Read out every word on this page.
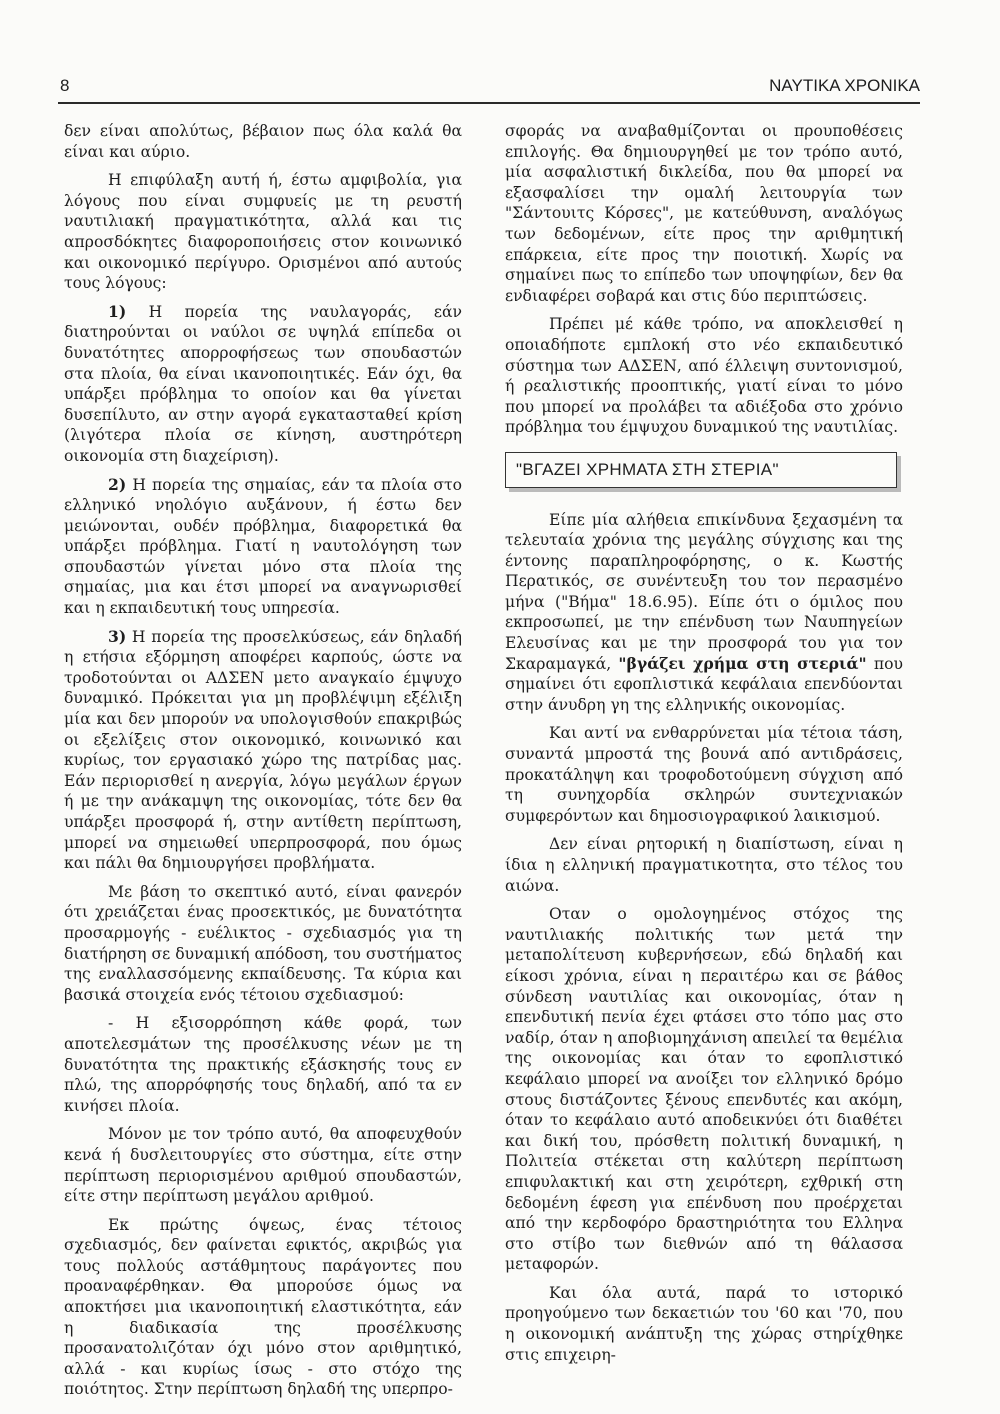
8	ΝΑΥΤΙΚΑ ΧΡΟΝΙΚΑ

δεν είναι απολύτως, βέβαιον πως όλα καλά θα είναι και αύριο.

Η επιφύλαξη αυτή ή, έστω αμφιβολία, για λόγους που είναι συμφυείς με τη ρευστή ναυτιλιακή πραγματικότητα, αλλά και τις απροσδόκητες διαφοροποιήσεις στον κοινωνικό και οικονομικό περίγυρο. Ορισμένοι από αυτούς τους λόγους:

1) Η πορεία της ναυλαγοράς, εάν διατηρούνται οι ναύλοι σε υψηλά επίπεδα οι δυνατότητες απορροφήσεως των σπουδαστών στα πλοία, θα είναι ικανοποιητικές. Εάν όχι, θα υπάρξει πρόβλημα το οποίον και θα γίνεται δυσεπίλυτο, αν στην αγορά εγκατασταθεί κρίση (λιγότερα πλοία σε κίνηση, αυστηρότερη οικονομία στη διαχείριση).

2) Η πορεία της σημαίας, εάν τα πλοία στο ελληνικό νηολόγιο αυξάνουν, ή έστω δεν μειώνονται, ουδέν πρόβλημα, διαφορετικά θα υπάρξει πρόβλημα. Γιατί η ναυτολόγηση των σπουδαστών γίνεται μόνο στα πλοία της σημαίας, μια και έτσι μπορεί να αναγνωρισθεί και η εκπαιδευτική τους υπηρεσία.

3) Η πορεία της προσελκύσεως, εάν δηλαδή η ετήσια εξόρμηση αποφέρει καρπούς, ώστε να τροδοτούνται οι ΑΔΣΕΝ μετο αναγκαίο έμψυχο δυναμικό. Πρόκειται για μη προβλέψιμη εξέλιξη μία και δεν μπορούν να υπολογισθούν επακριβώς οι εξελίξεις στον οικονομικό, κοινωνικό και κυρίως, τον εργασιακό χώρο της πατρίδας μας. Εάν περιορισθεί η ανεργία, λόγω μεγάλων έργων ή με την ανάκαμψη της οικονομίας, τότε δεν θα υπάρξει προσφορά ή, στην αντίθετη περίπτωση, μπορεί να σημειωθεί υπερπροσφορά, που όμως και πάλι θα δημιουργήσει προβλήματα.

Με βάση το σκεπτικό αυτό, είναι φανερόν ότι χρειάζεται ένας προσεκτικός, με δυνατότητα προσαρμογής - ευέλικτος - σχεδιασμός για τη διατήρηση σε δυναμική απόδοση, του συστήματος της εναλλασσόμενης εκπαίδευσης. Τα κύρια και βασικά στοιχεία ενός τέτοιου σχεδιασμού:

- Η εξισορρόπηση κάθε φορά, των αποτελεσμάτων της προσέλκυσης νέων με τη δυνατότητα της πρακτικής εξάσκησής τους εν πλώ, της απορρόφησής τους δηλαδή, από τα εν κινήσει πλοία.

Μόνον με τον τρόπο αυτό, θα αποφευχθούν κενά ή δυσλειτουργίες στο σύστημα, είτε στην περίπτωση περιορισμένου αριθμού σπουδαστών, είτε στην περίπτωση μεγάλου αριθμού.

Εκ πρώτης όψεως, ένας τέτοιος σχεδιασμός, δεν φαίνεται εφικτός, ακριβώς για τους πολλούς αστάθμητους παράγοντες που προαναφέρθηκαν. Θα μπορούσε όμως να αποκτήσει μια ικανοποιητική ελαστικότητα, εάν η διαδικασία της προσέλκυσης προσανατολιζόταν όχι μόνο στον αριθμητικό, αλλά - και κυρίως ίσως - στο στόχο της ποιότητος. Στην περίπτωση δηλαδή της υπερπρο-

σφοράς να αναβαθμίζονται οι προυποθέσεις επιλογής. Θα δημιουργηθεί με τον τρόπο αυτό, μία ασφαλιστική δικλείδα, που θα μπορεί να εξασφαλίσει την ομαλή λειτουργία των "Σάντουιτς Κόρσες", με κατεύθυνση, αναλόγως των δεδομένων, είτε προς την αριθμητική επάρκεια, είτε προς την ποιοτική. Χωρίς να σημαίνει πως το επίπεδο των υποψηφίων, δεν θα ενδιαφέρει σοβαρά και στις δύο περιπτώσεις.

Πρέπει μέ κάθε τρόπο, να αποκλεισθεί η οποιαδήποτε εμπλοκή στο νέο εκπαιδευτικό σύστημα των ΑΔΣΕΝ, από έλλειψη συντονισμού, ή ρεαλιστικής προοπτικής, γιατί είναι το μόνο που μπορεί να προλάβει τα αδιέξοδα στο χρόνιο πρόβλημα του έμψυχου δυναμικού της ναυτιλίας.

"ΒΓΑΖΕΙ ΧΡΗΜΑΤΑ ΣΤΗ ΣΤΕΡΙΑ"

Είπε μία αλήθεια επικίνδυνα ξεχασμένη τα τελευταία χρόνια της μεγάλης σύγχισης και της έντονης παραπληροφόρησης, ο κ. Κωστής Περατικός, σε συνέντευξη του τον περασμένο μήνα ("Βήμα" 18.6.95). Είπε ότι ο όμιλος που εκπροσωπεί, με την επένδυση των Ναυπηγείων Ελευσίνας και με την προσφορά του για τον Σκαραμαγκά, "βγάζει χρήμα στη στεριά" που σημαίνει ότι εφοπλιστικά κεφάλαια επενδύονται στην άνυδρη γη της ελληνικής οικονομίας.

Και αντί να ενθαρρύνεται μία τέτοια τάση, συναντά μπροστά της βουνά από αντιδράσεις, προκατάληψη και τροφοδοτούμενη σύγχιση από τη συνηχορδία σκληρών συντεχνιακών συμφερόντων και δημοσιογραφικού λαικισμού.

Δεν είναι ρητορική η διαπίστωση, είναι η ίδια η ελληνική πραγματικοτητα, στο τέλος του αιώνα.

Οταν ο ομολογημένος στόχος της ναυτιλιακής πολιτικής των μετά την μεταπολίτευση κυβερνήσεων, εδώ δηλαδή και είκοσι χρόνια, είναι η περαιτέρω και σε βάθος σύνδεση ναυτιλίας και οικονομίας, όταν η επενδυτική πενία έχει φτάσει στο τόπο μας στο ναδίρ, όταν η αποβιομηχάνιση απειλεί τα θεμέλια της οικονομίας και όταν το εφοπλιστικό κεφάλαιο μπορεί να ανοίξει τον ελληνικό δρόμο στους διστάζοντες ξένους επενδυτές και ακόμη, όταν το κεφάλαιο αυτό αποδεικνύει ότι διαθέτει και δική του, πρόσθετη πολιτική δυναμική, η Πολιτεία στέκεται στη καλύτερη περίπτωση επιφυλακτική και στη χειρότερη, εχθρική στη δεδομένη έφεση για επένδυση που προέρχεται από την κερδοφόρο δραστηριότητα του Ελληνα στο στίβο των διεθνών από τη θάλασσα μεταφορών.

Και όλα αυτά, παρά το ιστορικό προηγούμενο των δεκαετιών του '60 και '70, που η οικονομική ανάπτυξη της χώρας στηρίχθηκε στις επιχειρη-
